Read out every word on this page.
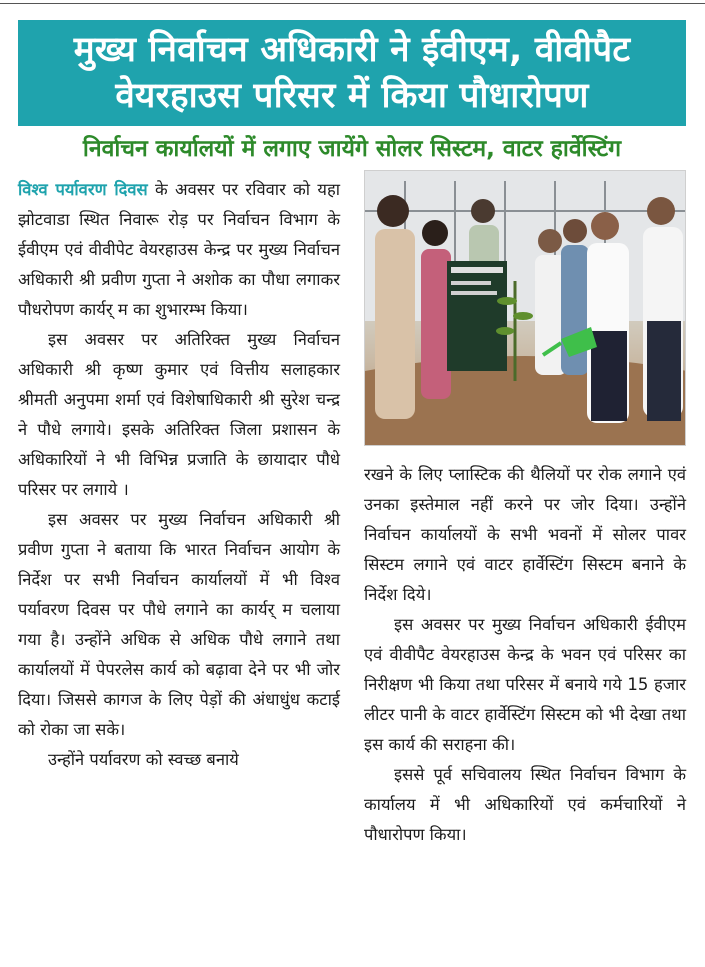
मुख्य निर्वाचन अधिकारी ने ईवीएम, वीवीपैट
वेयरहाउस परिसर में किया पौधारोपण
निर्वाचन कार्यालयों में लगाए जायेंगे सोलर सिस्टम, वाटर हार्वेस्टिंग

विश्व पर्यावरण दिवस के अवसर पर रविवार को यहा झोटवाडा स्थित निवारू रोड़ पर निर्वाचन विभाग के ईवीएम एवं वीवीपेट वेयरहाउस केन्द्र पर मुख्य निर्वाचन अधिकारी श्री प्रवीण गुप्ता ने अशोक का पौधा लगाकर पौधरोपण कार्यर् म का शुभारम्भ किया।

इस अवसर पर अतिरिक्त मुख्य निर्वाचन अधिकारी श्री कृष्ण कुमार एवं वित्तीय सलाहकार श्रीमती अनुपमा शर्मा एवं विशेषाधिकारी श्री सुरेश चन्द्र ने पौधे लगाये। इसके अतिरिक्त जिला प्रशासन के अधिकारियों ने भी विभिन्न प्रजाति के छायादार पौधे परिसर पर लगाये ।

इस अवसर पर मुख्य निर्वाचन अधिकारी श्री प्रवीण गुप्ता ने बताया कि भारत निर्वाचन आयोग के निर्देश पर सभी निर्वाचन कार्यालयों में भी विश्व पर्यावरण दिवस पर पौधे लगाने का कार्यर् म चलाया गया है। उन्होंने अधिक से अधिक पौधे लगाने तथा कार्यालयों में पेपरलेस कार्य को बढ़ावा देने पर भी जोर दिया। जिससे कागज के लिए पेड़ों की अंधाधुंध कटाई को रोका जा सके।

उन्होंने पर्यावरण को स्वच्छ बनाये

रखने के लिए प्लास्टिक की थैलियों पर रोक लगाने एवं उनका इस्तेमाल नहीं करने पर जोर दिया। उन्होंने निर्वाचन कार्यालयों के सभी भवनों में सोलर पावर सिस्टम लगाने एवं वाटर हार्वेस्टिंग सिस्टम बनाने के निर्देश दिये।

इस अवसर पर मुख्य निर्वाचन अधिकारी ईवीएम एवं वीवीपैट वेयरहाउस केन्द्र के भवन एवं परिसर का निरीक्षण भी किया तथा परिसर में बनाये गये 15 हजार लीटर पानी के वाटर हार्वेस्टिंग सिस्टम को भी देखा तथा इस कार्य की सराहना की।

इससे पूर्व सचिवालय स्थित निर्वाचन विभाग के कार्यालय में भी अधिकारियों एवं कर्मचारियों ने पौधारोपण किया।
